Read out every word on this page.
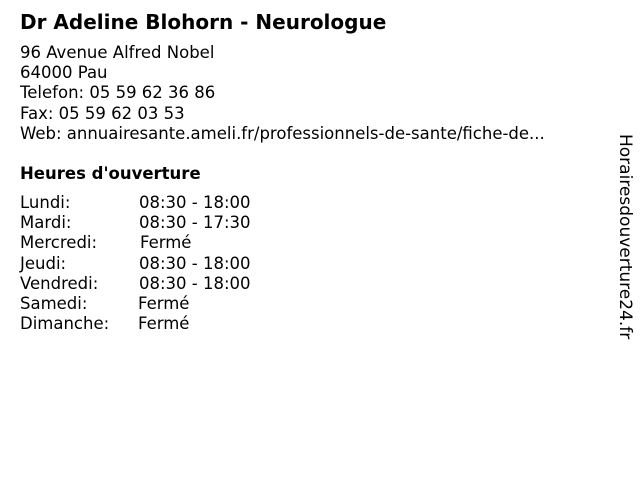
Dr Adeline Blohorn - Neurologue
96 Avenue Alfred Nobel
64000 Pau
Telefon: 05 59 62 36 86
Fax: 05 59 62 03 53
Web: annuairesante.ameli.fr/professionnels-de-sante/fiche-de...
Heures d'ouverture
Lundi:	08:30 - 18:00
Mardi:	08:30 - 17:30
Mercredi:	Fermé
Jeudi:	08:30 - 18:00
Vendredi: 08:30 - 18:00
Samedi:	Fermé
Dimanche: Fermé	Horairesdouverture24.fr
